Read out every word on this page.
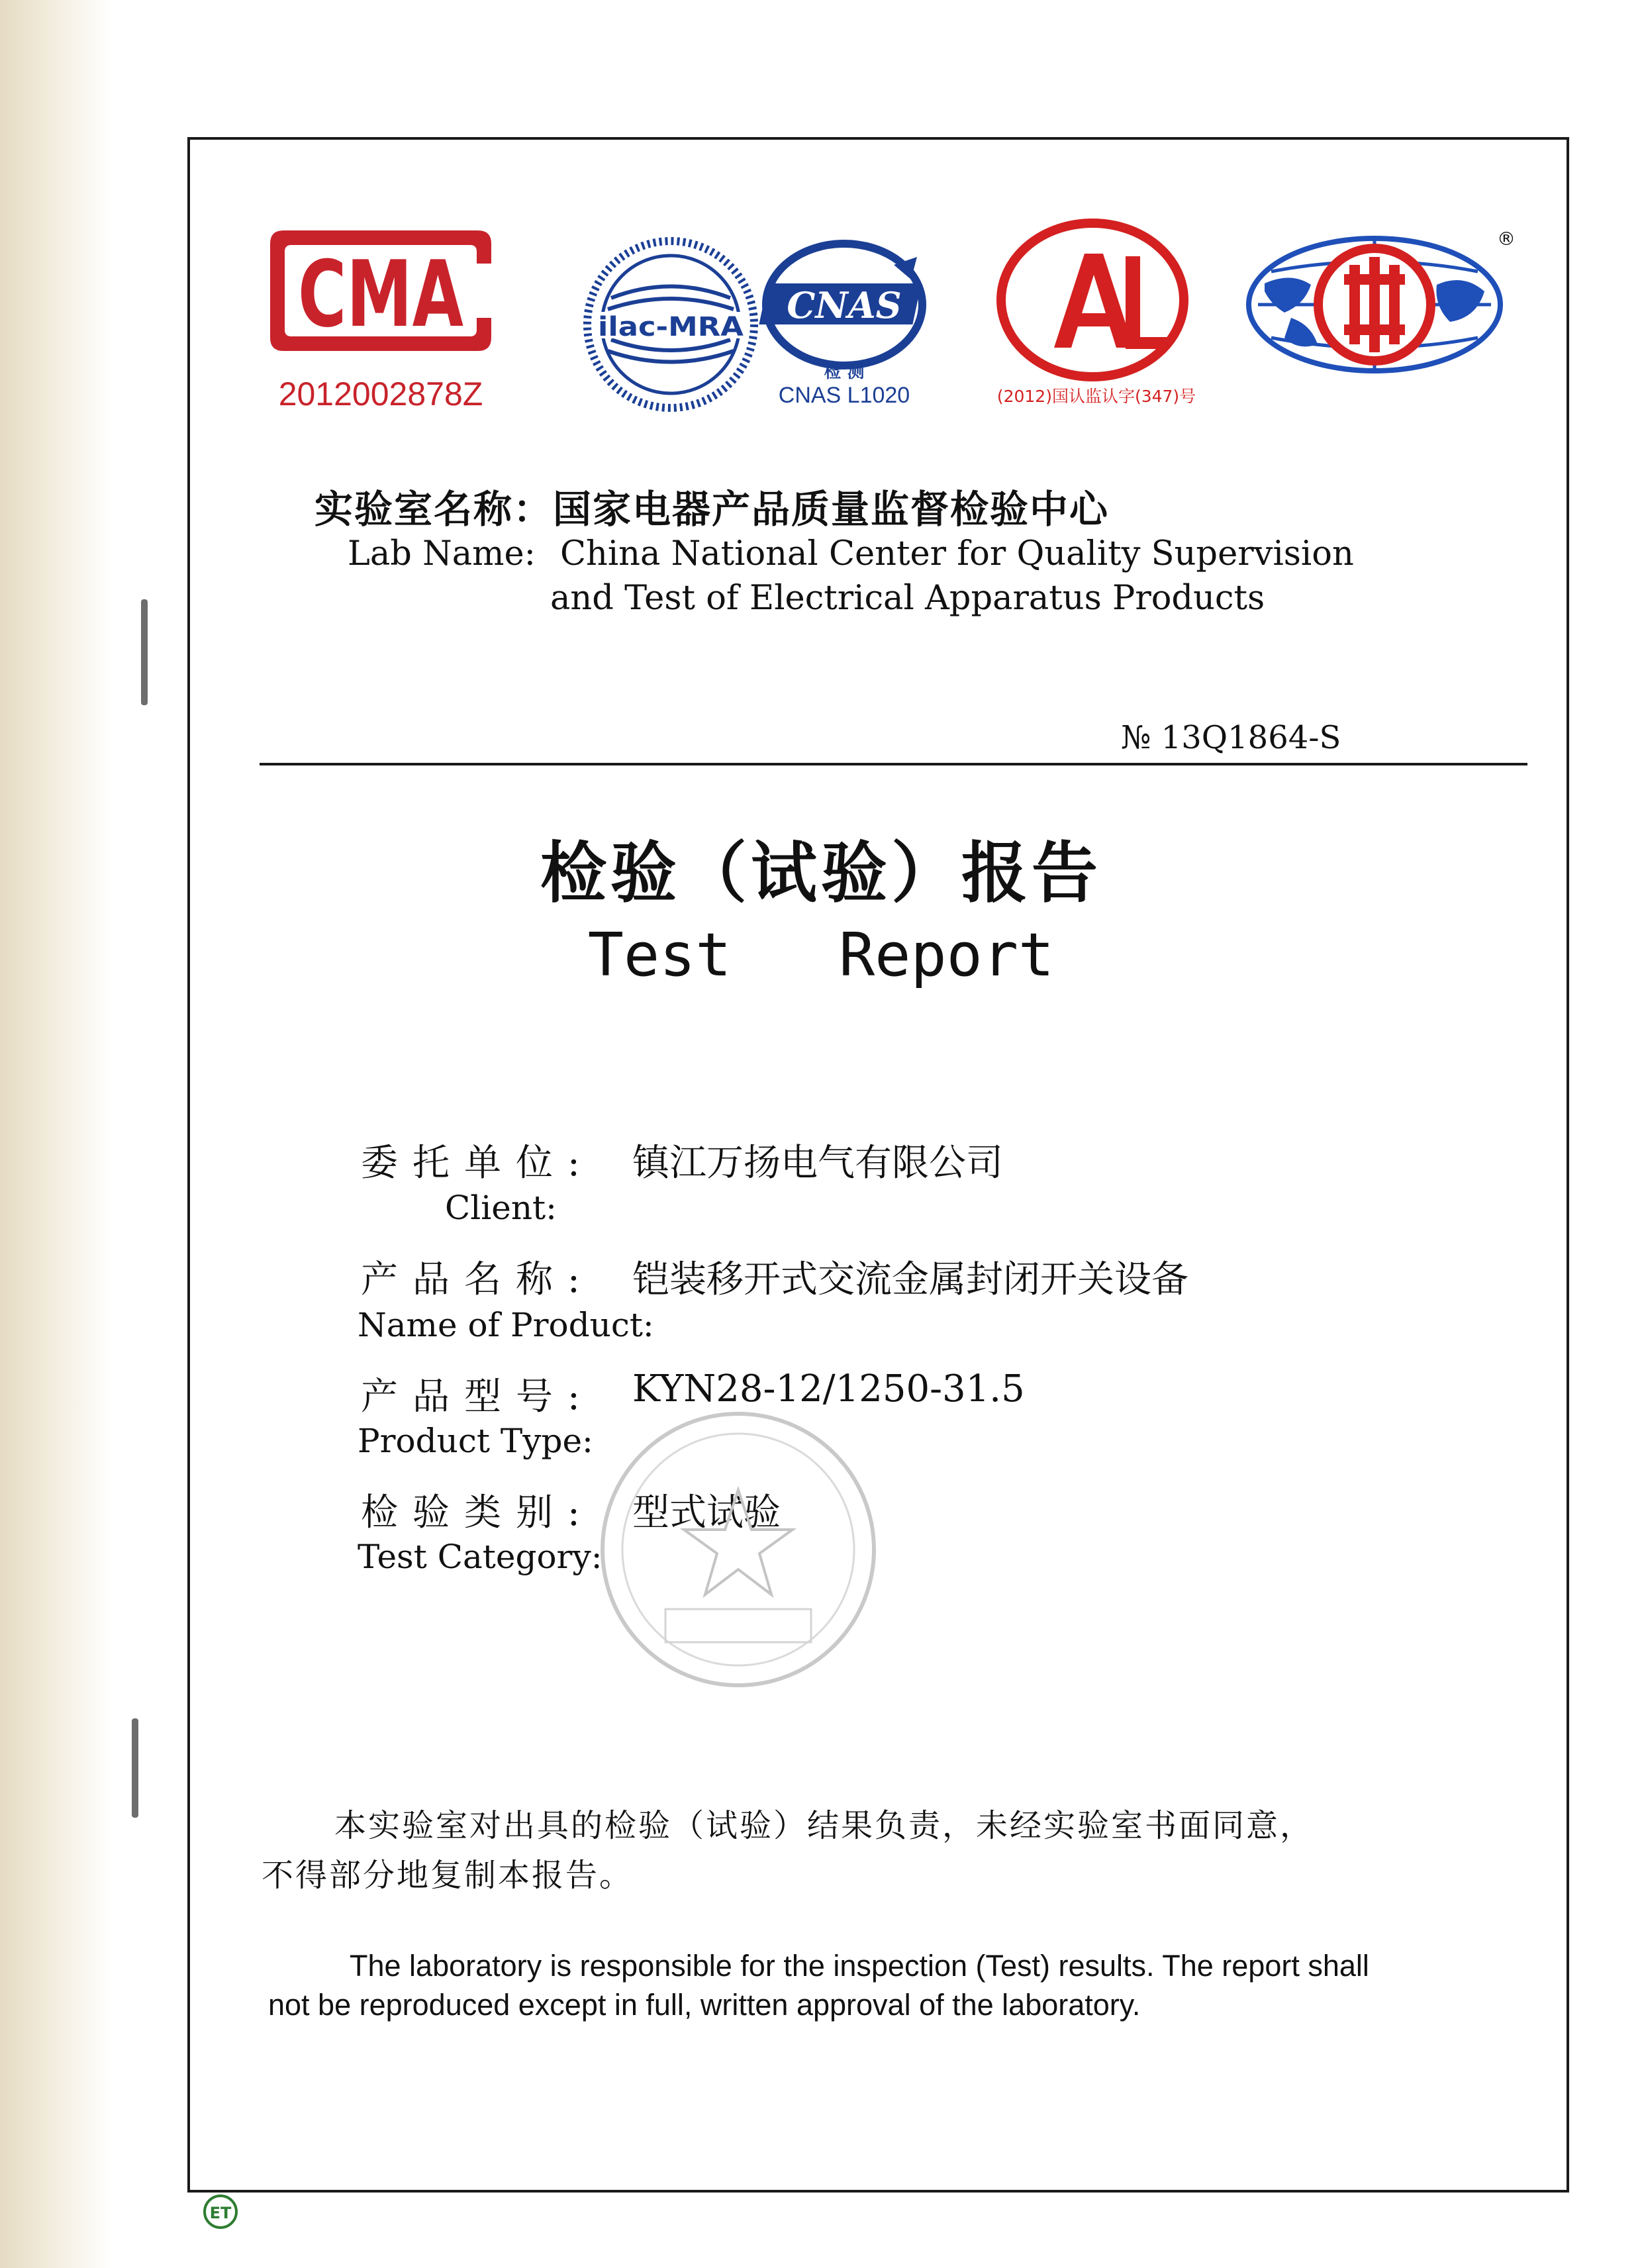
CMA
2012002878Z
ilac-MRA
CNAS
检 测
CNAS L1020	(2012)国认监认字(347)号
®
实验室名称：国家电器产品质量监督检验中心
Lab Name: China National Center for Quality Supervision
and Test of Electrical Apparatus Products
№ 13Q1864-S
检验（试验）报告
Test   Report
委托单位: 镇江万扬电气有限公司
Client:
产品名称: 铠装移开式交流金属封闭开关设备
Name of Product:
产品型号: KYN28-12/1250-31.5
Product Type:
检验类别: 型式试验
Test Category:
本实验室对出具的检验（试验）结果负责，未经实验室书面同意，
不得部分地复制本报告。
The laboratory is responsible for the inspection (Test) results. The report shall
not be reproduced except in full, written approval of the laboratory.
ET
